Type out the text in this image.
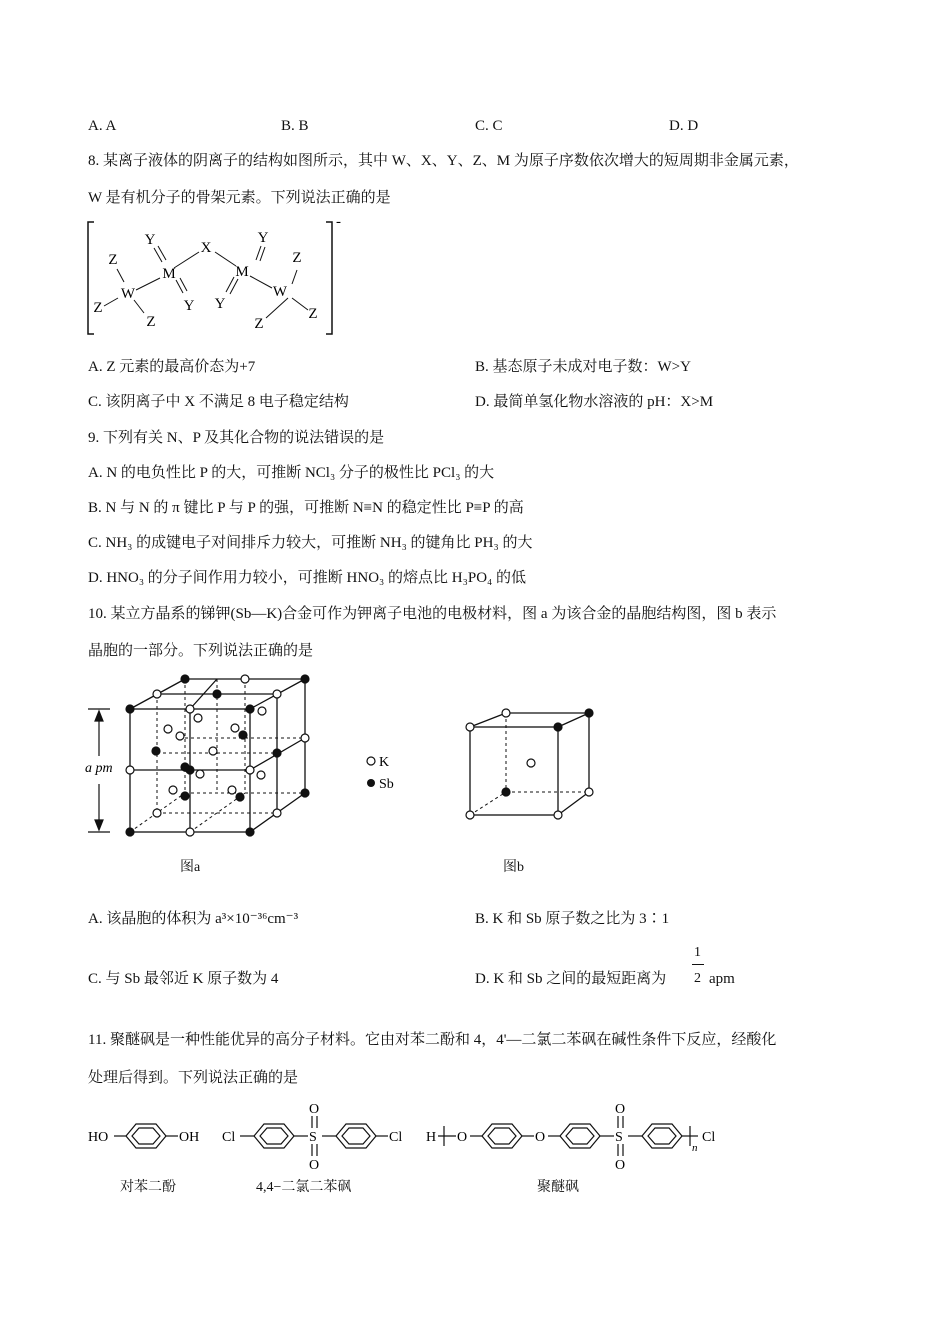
A. A	B. B	C. C	D. D
8. 某离子液体的阴离子的结构如图所示，其中 W、X、Y、Z、M 为原子序数依次增大的短周期非金属元素，
W 是有机分子的骨架元素。下列说法正确的是
-
Y	X
Y
M	M
Z	Z
W	W
Y Y
Z
Z	Z
Z
A. Z 元素的最高价态为+7	B. 基态原子未成对电子数：W>Y
C. 该阴离子中 X 不满足 8 电子稳定结构	D. 最简单氢化物水溶液的 pH：X>M
9. 下列有关 N、P 及其化合物的说法错误的是
A. N 的电负性比 P 的大，可推断 NCl₃ 分子的极性比 PCl₃ 的大
B. N 与 N 的 π 键比 P 与 P 的强，可推断 N≡N 的稳定性比 P≡P 的高
C. NH₃ 的成键电子对间排斥力较大，可推断 NH₃ 的键角比 PH₃ 的大
D. HNO₃ 的分子间作用力较小，可推断 HNO₃ 的熔点比 H₃PO₄ 的低
10. 某立方晶系的锑钾(Sb—K)合金可作为钾离子电池的电极材料，图 a 为该合金的晶胞结构图，图 b 表示
晶胞的一部分。下列说法正确的是
a pm	K
Sb
图a	图b
A. 该晶胞的体积为 a³×10⁻³⁶cm⁻³	B. K 和 Sb 原子数之比为 3∶1
C. 与 Sb 最邻近 K 原子数为 4	D. K 和 Sb 之间的最短距离为
1
2 apm
11. 聚醚砜是一种性能优异的高分子材料。它由对苯二酚和 4，4'—二氯二苯砜在碱性条件下反应，经酸化
处理后得到。下列说法正确的是
HO	OH Cl	S
O
O
Cl H O	O	S
O
O
n
Cl
对苯二酚	4,4−二氯二苯砜	聚醚砜
